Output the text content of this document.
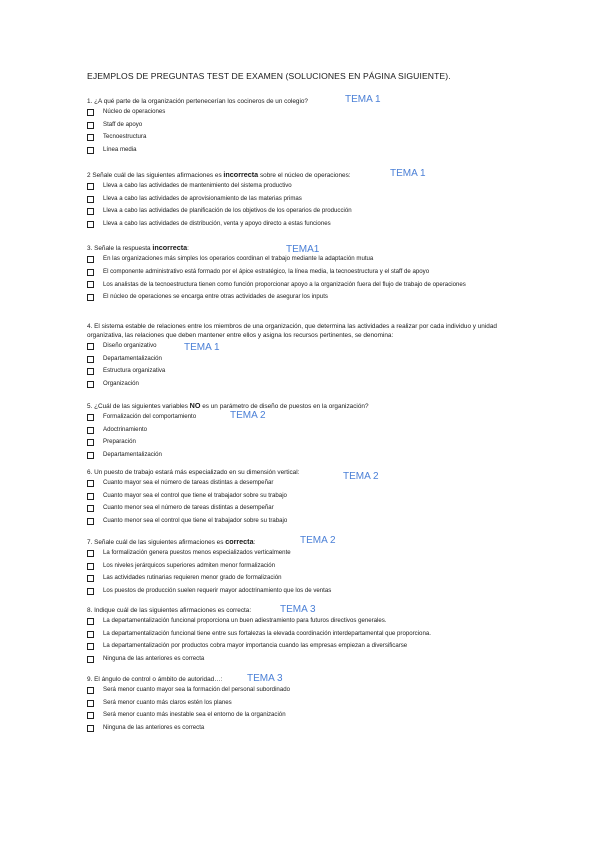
EJEMPLOS DE PREGUNTAS TEST DE EXAMEN (SOLUCIONES EN PÁGINA SIGUIENTE).
1. ¿A qué parte de la organización pertenecerían los cocineros de un colegio?	TEMA 1
Núcleo de operaciones
Staff de apoyo
Tecnoestructura
Línea media
2 Señale cuál de las siguientes afirmaciones es incorrecta sobre el núcleo de operaciones:	TEMA 1
Lleva a cabo las actividades de mantenimiento del sistema productivo
Lleva a cabo las actividades de aprovisionamiento de las materias primas
Lleva a cabo las actividades de planificación de los objetivos de los operarios de producción
Lleva a cabo las actividades de distribución, venta y apoyo directo a estas funciones
3. Señale la respuesta incorrecta:	TEMA1
En las organizaciones más simples los operarios coordinan el trabajo mediante la adaptación mutua
El componente administrativo está formado por el ápice estratégico, la línea media, la tecnoestructura y el staff de apoyo
Los analistas de la tecnoestructura tienen como función proporcionar apoyo a la organización fuera del flujo de trabajo de operaciones
El núcleo de operaciones se encarga entre otras actividades de asegurar los inputs
4. El sistema estable de relaciones entre los miembros de una organización, que determina las actividades a realizar por cada individuo y unidad organizativa, las relaciones que deben mantener entre ellos y asigna los recursos pertinentes, se denomina:
TEMA 1
Diseño organizativo
Departamentalización
Estructura organizativa
Organización
5. ¿Cuál de las siguientes variables NO es un parámetro de diseño de puestos en la organización?
TEMA 2
Formalización del comportamiento
Adoctrinamiento
Preparación
Departamentalización
6. Un puesto de trabajo estará más especializado en su dimensión vertical:	TEMA 2
Cuanto mayor sea el número de tareas distintas a desempeñar
Cuanto mayor sea el control que tiene el trabajador sobre su trabajo
Cuanto menor sea el número de tareas distintas a desempeñar
Cuanto menor sea el control que tiene el trabajador sobre su trabajo
7. Señale cuál de las siguientes afirmaciones es correcta:	TEMA 2
La formalización genera puestos menos especializados verticalmente
Los niveles jerárquicos superiores admiten menor formalización
Las actividades rutinarias requieren menor grado de formalización
Los puestos de producción suelen requerir mayor adoctrinamiento que los de ventas
8. Indique cuál de las siguientes afirmaciones es correcta:	TEMA 3
La departamentalización funcional proporciona un buen adiestramiento para futuros directivos generales.
La departamentalización funcional tiene entre sus fortalezas la elevada coordinación interdepartamental que proporciona.
La departamentalización por productos cobra mayor importancia cuando las empresas empiezan a diversificarse
Ninguna de las anteriores es correcta
9. El ángulo de control o ámbito de autoridad…:	TEMA 3
Será menor cuanto mayor sea la formación del personal subordinado
Será menor cuanto más claros estén los planes
Será menor cuanto más inestable sea el entorno de la organización
Ninguna de las anteriores es correcta
